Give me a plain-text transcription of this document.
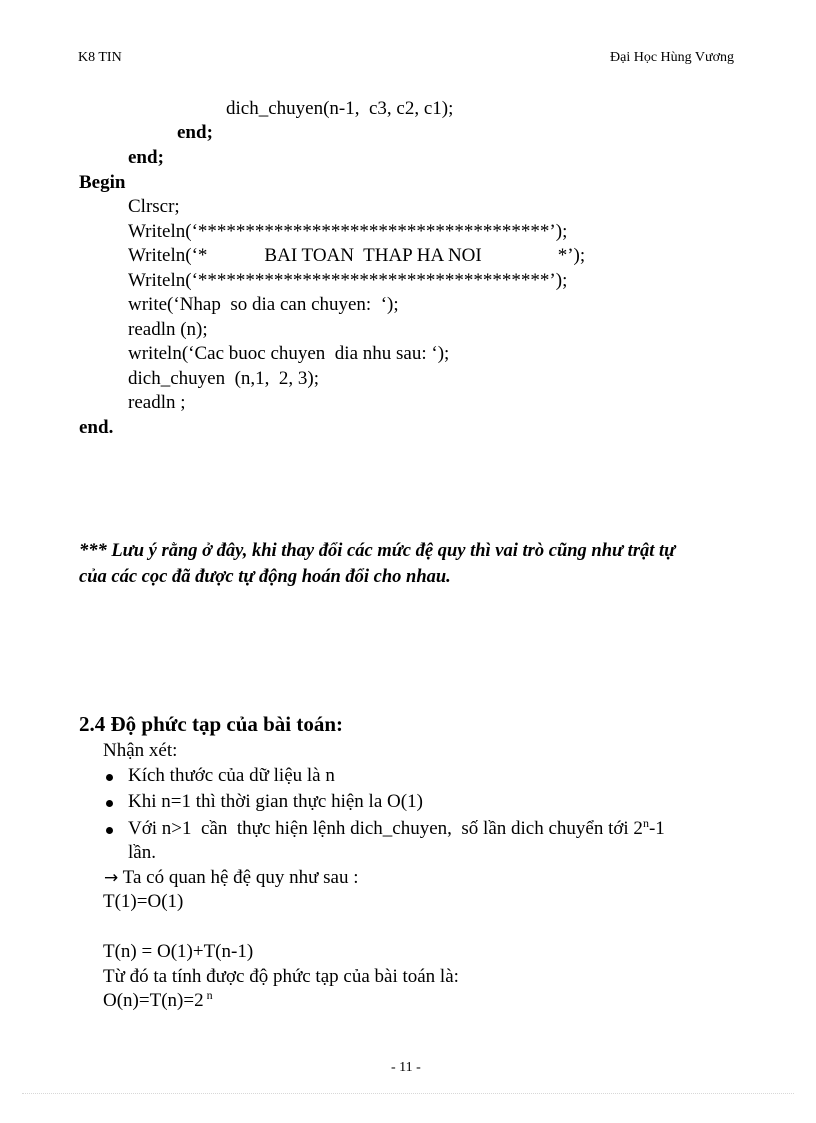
K8 TIN	Đại Học Hùng Vương
dich_chuyen(n-1,  c3, c2, c1);
end;
end;
Begin
Clrscr;
Writeln(‘*************************************’);
Writeln(‘*            BAI TOAN  THAP HA NOI                *’);
Writeln(‘*************************************’);
write(‘Nhap  so dia can chuyen:  ‘);
readln (n);
writeln(‘Cac buoc chuyen  dia nhu sau: ‘);
dich_chuyen  (n,1,  2, 3);
readln ;
end.
*** Lưu ý rằng ở đây, khi thay đổi các mức đệ quy thì vai trò cũng như trật tự
của các cọc đã được tự động hoán đổi cho nhau.
2.4 Độ phức tạp của bài toán:
Nhận xét:
Kích thước của dữ liệu là n
Khi n=1 thì thời gian thực hiện la O(1)
Với n>1  cần  thực hiện lệnh dich_chuyen,  số lần dich chuyển tới 2$^n$-1
lần.
→ Ta có quan hệ đệ quy như sau :
T(1)=O(1)
T(n) = O(1)+T(n-1)
Từ đó ta tính được độ phức tạp của bài toán là:
O(n)=T(n)=2 $^n$
- 11 -
